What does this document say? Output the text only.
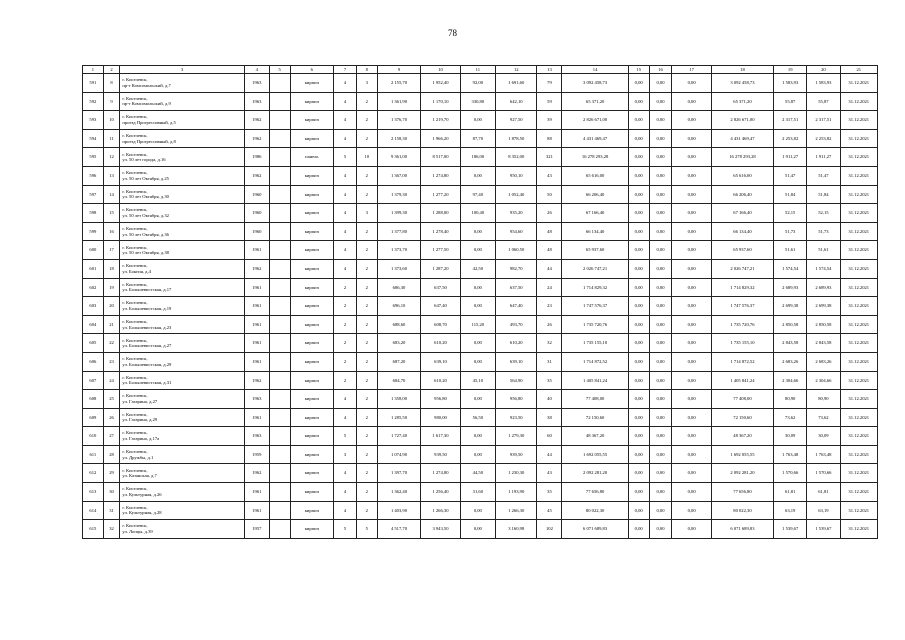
78
1	2	3	4	5	6	7	8	9	10	11	12	13	14	15	16	17	18	19	20	21
591	8	г. Киселевск,
пр-т Комсомольский, д.7	1963		кирпич	4	3	2 155,70	1 952,40	92,00	1 691,60	79	3 092 458,73	0,00	0,00	0,00	3 092 458,73	1 583,93	1 583,93	31.12.2021
592	9	г. Киселевск,
пр-т Комсомольский, д.9	1963		кирпич	4	2	1 361,90	1 170,10	330,80	642,10	59	65 371,20	0,00	0,00	0,00	65 371,20	55,87	55,87	31.12.2021
593	10	г. Киселевск,
проезд Прогрессивный, д.5	1962		кирпич	4	2	1 376,70	1 219,70	0,00	927,50	39	2 826 671,00	0,00	0,00	0,00	2 826 671,00	2 317,51	2 317,51	31.12.2021
594	11	г. Киселевск,
проезд Прогрессивный, д.8	1962		кирпич	4	2	2 158,30	1 966,20	87,70	1 878,50	88	4 431 469,47	0,00	0,00	0,00	4 431 469,47	2 253,82	2 253,82	31.12.2021
595	12	г. Киселевск,
ул. 50 лет города, д.16	1986		панель	5	10	9 361,00	8 517,00	186,00	8 352,00	321	16 278 293,28	0,00	0,00	0,00	16 278 293,28	1 911,27	1 911,27	31.12.2021
596	13	г. Киселевск,
ул. 50 лет Октября, д.25	1962		кирпич	4	2	1 367,00	1 274,80	0,00	950,10	43	65 616,00	0,00	0,00	0,00	65 616,00	51,47	51,47	31.12.2021
597	14	г. Киселевск,
ул. 50 лет Октября, д.30	1960		кирпич	4	2	1 379,30	1 277,20	97,40	1 052,40	50	66 206,40	0,00	0,00	0,00	66 206,40	51,84	51,84	31.12.2021
598	15	г. Киселевск,
ул. 50 лет Октября, д.32	1960		кирпич	4	3	1 399,30	1 288,00	100,40	935,20	26	67 166,40	0,00	0,00	0,00	67 166,40	52,15	52,15	31.12.2021
599	16	г. Киселевск,
ул. 50 лет Октября, д.36	1960		кирпич	4	2	1 377,80	1 278,40	0,00	954,60	48	66 134,40	0,00	0,00	0,00	66 134,40	51,73	51,73	31.12.2021
600	17	г. Киселевск,
ул. 50 лет Октября, д.38	1961		кирпич	4	2	1 373,70	1 277,50	0,00	1 060,50	48	65 937,60	0,00	0,00	0,00	65 937,60	51,61	51,61	31.12.2021
601	18	г. Киселевск,
ул. Бонгия, д.4	1962		кирпич	4	2	1 373,60	1 287,20	42,50	982,70	44	2 026 747,21	0,00	0,00	0,00	2 026 747,21	1 574,54	1 574,54	31.12.2021
602	19	г. Киселевск,
ул. Большевистская, д.17	1961		кирпич	2	2	686,30	637,50	0,00	637,50	24	1 714 829,32	0,00	0,00	0,00	1 714 829,32	2 689,93	2 689,93	31.12.2021
603	20	г. Киселевск,
ул. Большевистская, д.19	1961		кирпич	2	2	696,10	647,40	0,00	647,40	23	1 747 576,37	0,00	0,00	0,00	1 747 576,37	2 699,38	2 699,38	31.12.2021
604	21	г. Киселевск,
ул. Большевистская, д.23	1961		кирпич	2	2	688,60	608,70	115,20	493,70	26	1 735 720,76	0,00	0,00	0,00	1 735 720,76	2 850,58	2 850,58	31.12.2021
605	22	г. Киселевск,
ул. Большевистская, д.27	1961		кирпич	2	2	683,20	610,20	0,00	610,20	32	1 735 155,10	0,00	0,00	0,00	1 735 155,10	2 843,58	2 843,58	31.12.2021
606	23	г. Киселевск,
ул. Большевистская, д.29	1961		кирпич	2	2	687,20	639,10	0,00	639,10	31	1 714 872,52	0,00	0,00	0,00	1 714 872,52	2 683,26	2 683,26	31.12.2021
607	24	г. Киселевск,
ул. Большевистская, д.31	1962		кирпич	2	2	684,70	610,20	45,10	564,90	35	1 405 841,24	0,00	0,00	0,00	1 405 841,24	2 304,66	2 304,66	31.12.2021
608	25	г. Киселевск,
ул. Гагарина, д.27	1963		кирпич	4	2	1 358,00	956,80	0,00	956,80	40	77 408,00	0,00	0,00	0,00	77 408,00	80,90	80,90	31.12.2021
609	26	г. Киселевск,
ул. Гагарина, д.29	1961		кирпич	4	2	1 285,50	980,00	56,50	923,50	38	72 150,60	0,00	0,00	0,00	72 150,60	73,62	73,62	31.12.2021
610	27	г. Киселевск,
ул. Гагарина, д.17а	1963		кирпич	5	2	1 727,40	1 617,30	0,00	1 279,30	60	48 367,20	0,00	0,00	0,00	48 367,20	30,09	30,09	31.12.2021
611	28	г. Киселевск,
ул. Дружбы, д.1	1959		кирпич	3	2	1 074,90	939,50	0,00	939,50	44	1 692 055,55	0,00	0,00	0,00	1 692 055,55	1 763,48	1 763,48	31.12.2021
612	29	г. Киселевск,
ул. Казанская, д.7	1962		кирпич	4	2	1 397,70	1 274,80	44,50	1 230,30	43	2 092 281,20	0,00	0,00	0,00	2 092 281,20	1 570,66	1 570,66	31.12.2021
613	30	г. Киселевск,
ул. Культурная, д.26	1961		кирпич	4	2	1 362,40	1 256,40	31,60	1 193,90	35	77 656,80	0,00	0,00	0,00	77 656,80	61,81	61,81	31.12.2021
614	31	г. Киселевск,
ул. Культурная, д.28	1961		кирпич	4	2	1 403,90	1 266,30	0,00	1 266,30	45	80 022,30	0,00	0,00	0,00	80 022,30	63,19	63,19	31.12.2021
615	32	г. Киселевск,
ул. Лопцы, д.39	1957		кирпич	5	5	4 517,70	3 943,50	0,00	3 160,98	102	6 071 689,83	0,00	0,00	0,00	6 071 689,83	1 539,67	1 539,67	31.12.2021
